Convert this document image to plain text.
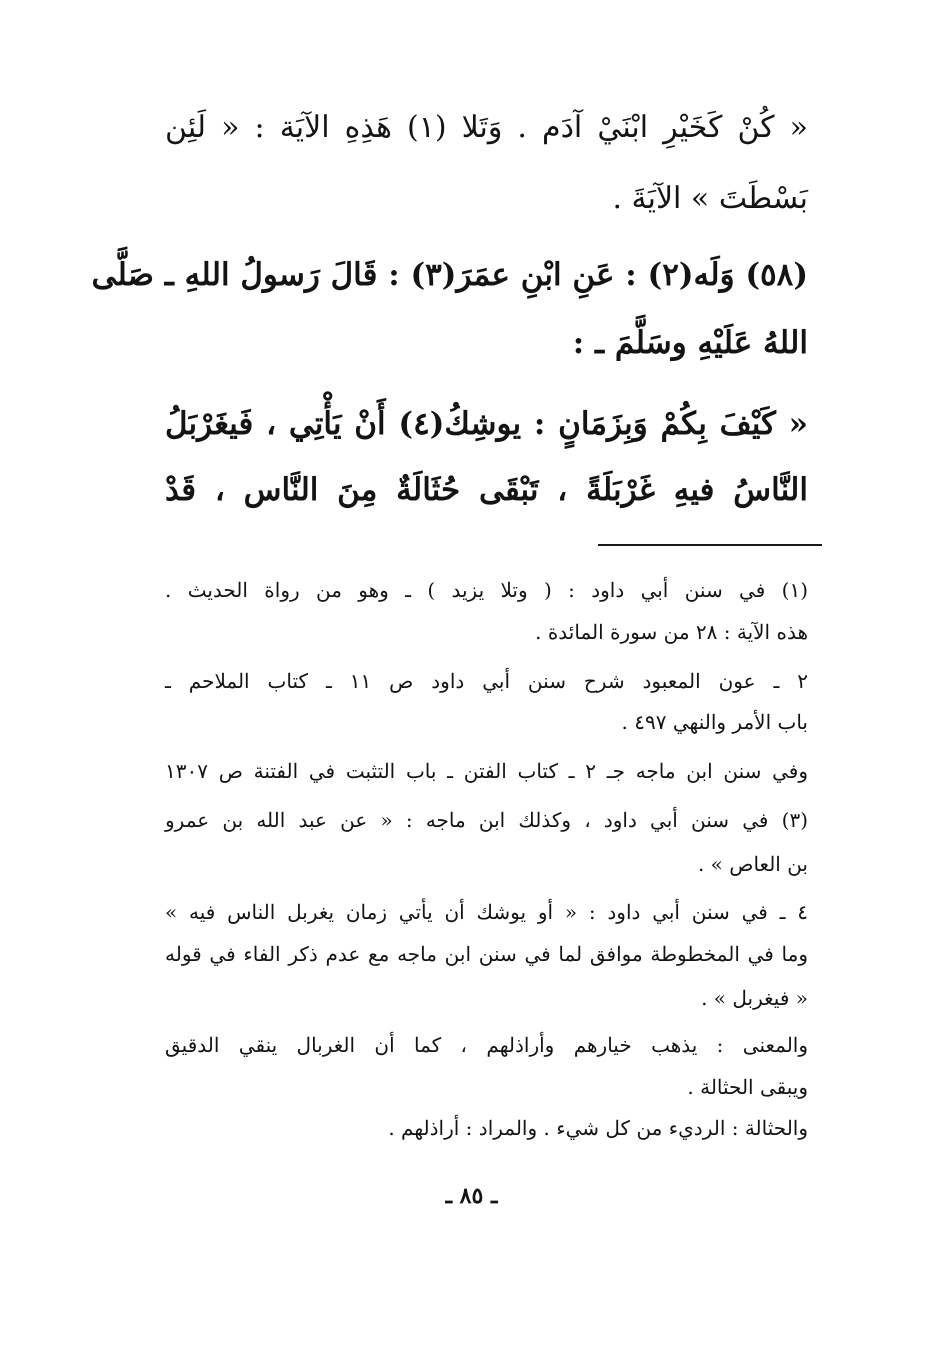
« كُنْ كَخَيْرِ ابْنَيْ آدَم . وَتَلا (١) هَذِهِ الآيَة : « لَئِن

بَسْطَتَ » الآيَةَ .

(٥٨) وَلَه(٢) : عَنِ ابْنِ عمَرَ(٣) : قَالَ رَسولُ اللهِ ـ صَلَّى

اللهُ عَلَيْهِ وسَلَّمَ ـ :

« كَيْفَ بِكُمْ وَبِزَمَانٍ : يوشِكُ(٤) أَنْ يَأْتِي ، فَيغَرْبَلُ

النَّاسُ فيهِ غَرْبَلَةً ، تَبْقَى حُثَالَةٌ مِنَ النَّاس ، قَدْ

(١) في سنن أبي داود : ( وتلا يزيد ) ـ وهو من رواة الحديث .

هذه الآية : ٢٨ من سورة المائدة .

٢ ـ عون المعبود شرح سنن أبي داود ص ١١ ـ كتاب الملاحم ـ

باب الأمر والنهي ٤٩٧ .

وفي سنن ابن ماجه جـ ٢ ـ كتاب الفتن ـ باب التثبت في الفتنة ص ١٣٠٧

(٣) في سنن أبي داود ، وكذلك ابن ماجه : « عن عبد الله بن عمرو

بن العاص » .

٤ ـ في سنن أبي داود : « أو يوشك أن يأتي زمان يغربل الناس فيه »

وما في المخطوطة موافق لما في سنن ابن ماجه مع عدم ذكر الفاء في قوله

« فيغربل » .

والمعنى : يذهب خيارهم وأراذلهم ، كما أن الغربال ينقي الدقيق

ويبقى الحثالة .

والحثالة : الرديء من كل شيء . والمراد : أراذلهم .

ـ ٨٥ ـ
